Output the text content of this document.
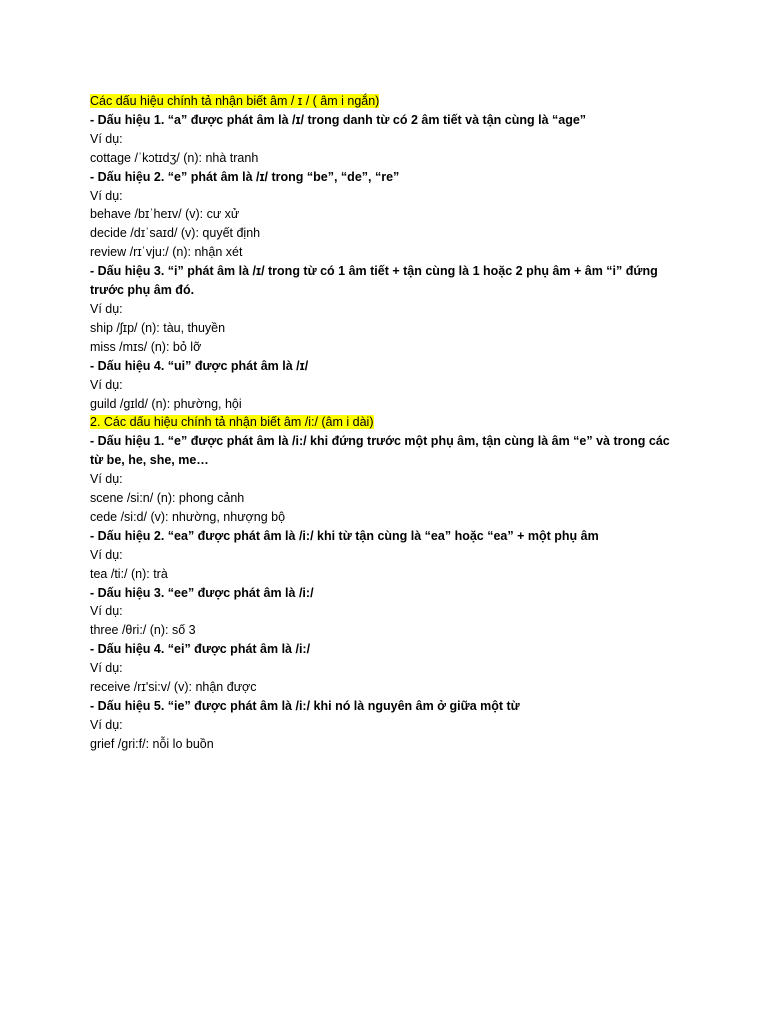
Các dấu hiệu chính tả nhận biết âm / ɪ / ( âm i ngắn)
- Dấu hiệu 1. “a” được phát âm là /ɪ/ trong danh từ có 2 âm tiết và tận cùng là “age”
Ví dụ:
cottage /ˈkɔtɪdʒ/ (n): nhà tranh
- Dấu hiệu 2. “e” phát âm là /ɪ/ trong “be”, “de”, “re”
Ví dụ:
behave /bɪˈheɪv/ (v): cư xử
decide /dɪˈsaɪd/ (v): quyết định
review /rɪˈvju:/ (n): nhận xét
- Dấu hiệu 3. “i” phát âm là /ɪ/ trong từ có 1 âm tiết + tận cùng là 1 hoặc 2 phụ âm + âm “i” đứng trước phụ âm đó.
Ví dụ:
ship /ʃɪp/ (n): tàu, thuyền
miss /mɪs/ (n): bỏ lỡ
- Dấu hiệu 4. “ui” được phát âm là /ɪ/
Ví dụ:
guild /gɪld/ (n): phường, hội
2. Các dấu hiệu chính tả nhận biết âm /i:/ (âm i dài)
- Dấu hiệu 1. “e” được phát âm là /i:/ khi đứng trước một phụ âm, tận cùng là âm “e” và trong các từ be, he, she, me…
Ví dụ:
scene /si:n/ (n): phong cảnh
cede /si:d/ (v): nhường, nhượng bộ
- Dấu hiệu 2. “ea” được phát âm là /i:/ khi từ tận cùng là “ea” hoặc “ea” + một phụ âm
Ví dụ:
tea /ti:/ (n): trà
- Dấu hiệu 3. “ee” được phát âm là /i:/
Ví dụ:
three /θri:/ (n): số 3
- Dấu hiệu 4. “ei” được phát âm là /i:/
Ví dụ:
receive /rɪ'si:v/ (v): nhận được
- Dấu hiệu 5. “ie” được phát âm là /i:/ khi nó là nguyên âm ở giữa một từ
Ví dụ:
grief /gri:f/: nỗi lo buồn
